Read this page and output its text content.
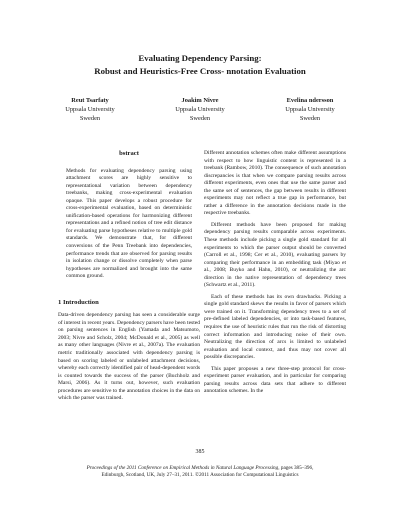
Evaluating Dependency Parsing:
Robust and Heuristics-Free Cross- nnotation Evaluation
Reut Tsarfaty
Uppsala University
Sweden
Joakim Nivre
Uppsala University
Sweden
Evelina ndersson
Uppsala University
Sweden
bstract
Methods for evaluating dependency parsing using attachment scores are highly sensitive to representational variation between dependency treebanks, making cross-experimental evaluation opaque. This paper develops a robust procedure for cross-experimental evaluation, based on deterministic unification-based operations for harmonizing different representations and a refined notion of tree edit distance for evaluating parse hypotheses relative to multiple gold standards. We demonstrate that, for different conversions of the Penn Treebank into dependencies, performance trends that are observed for parsing results in isolation change or dissolve completely when parse hypotheses are normalized and brought into the same common ground.
1 Introduction
Data-driven dependency parsing has seen a considerable surge of interest in recent years. Dependency parsers have been tested on parsing sentences in English (Yamada and Matsumoto, 2003; Nivre and Scholz, 2004; McDonald et al., 2005) as well as many other languages (Nivre et al., 2007a). The evaluation metric traditionally associated with dependency parsing is based on scoring labeled or unlabeled attachment decisions, whereby each correctly identified pair of head-dependent words is counted towards the success of the parser (Buchholz and Marsi, 2006). As it turns out, however, such evaluation procedures are sensitive to the annotation choices in the data on which the parser was trained.
Different annotation schemes often make different assumptions with respect to how linguistic content is represented in a treebank (Rambow, 2010). The consequence of such annotation discrepancies is that when we compare parsing results across different experiments, even ones that use the same parser and the same set of sentences, the gap between results in different experiments may not reflect a true gap in performance, but rather a difference in the annotation decisions made in the respective treebanks.
Different methods have been proposed for making dependency parsing results comparable across experiments. These methods include picking a single gold standard for all experiments to which the parser output should be converted (Carroll et al., 1998; Cer et al., 2010), evaluating parsers by comparing their performance in an embedding task (Miyao et al., 2008; Buyko and Hahn, 2010), or neutralizing the arc direction in the native representation of dependency trees (Schwartz et al., 2011).
Each of these methods has its own drawbacks. Picking a single gold standard skews the results in favor of parsers which were trained on it. Transforming dependency trees to a set of pre-defined labeled dependencies, or into task-based features, requires the use of heuristic rules that run the risk of distorting correct information and introducing noise of their own. Neutralizing the direction of arcs is limited to unlabeled evaluation and local context, and thus may not cover all possible discrepancies.
This paper proposes a new three-step protocol for cross-experiment parser evaluation, and in particular for comparing parsing results across data sets that adhere to different annotation schemes. In the
385
Proceedings of the 2011 Conference on Empirical Methods in Natural Language Processing, pages 385–396,
Edinburgh, Scotland, UK, July 27–31, 2011. ©2011 Association for Computational Linguistics
